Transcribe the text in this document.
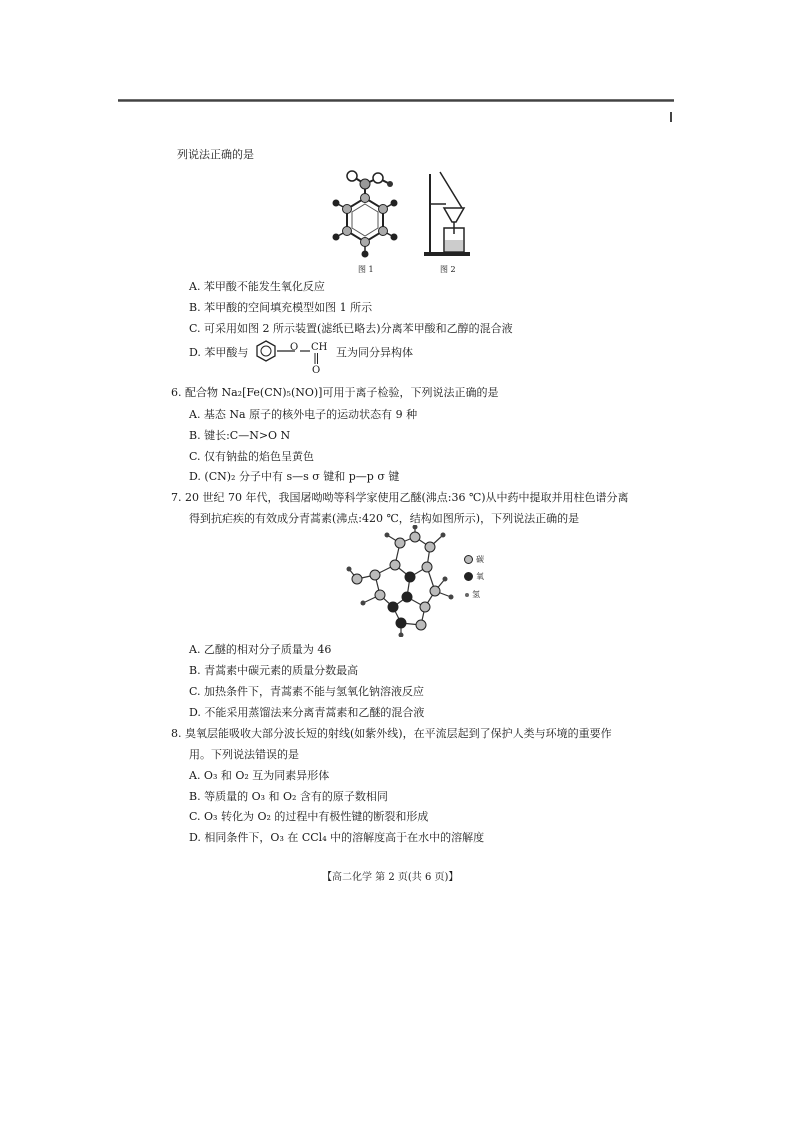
列说法正确的是
图 1	图 2
A. 苯甲酸不能发生氧化反应
B. 苯甲酸的空间填充模型如图 1 所示
C. 可采用如图 2 所示装置(滤纸已略去)分离苯甲酸和乙醇的混合液
D. 苯甲酸与	O CH
O
互为同分异构体
6. 配合物 Na₂[Fe(CN)₅(NO)]可用于离子检验，下列说法正确的是
A. 基态 Na 原子的核外电子的运动状态有 9 种
B. 键长:C—N>O N
C. 仅有钠盐的焰色呈黄色
D. (CN)₂ 分子中有 s—s σ 键和 p—p σ 键
7. 20 世纪 70 年代，我国屠呦呦等科学家使用乙醚(沸点:36 ℃)从中药中提取并用柱色谱分离
得到抗疟疾的有效成分青蒿素(沸点:420 ℃，结构如图所示)，下列说法正确的是
碳
氧
氢
A. 乙醚的相对分子质量为 46
B. 青蒿素中碳元素的质量分数最高
C. 加热条件下，青蒿素不能与氢氧化钠溶液反应
D. 不能采用蒸馏法来分离青蒿素和乙醚的混合液
8. 臭氧层能吸收大部分波长短的射线(如紫外线)，在平流层起到了保护人类与环境的重要作
用。下列说法错误的是
A. O₃ 和 O₂ 互为同素异形体
B. 等质量的 O₃ 和 O₂ 含有的原子数相同
C. O₃ 转化为 O₂ 的过程中有极性键的断裂和形成
D. 相同条件下，O₃ 在 CCl₄ 中的溶解度高于在水中的溶解度
【高二化学 第 2 页(共 6 页)】
